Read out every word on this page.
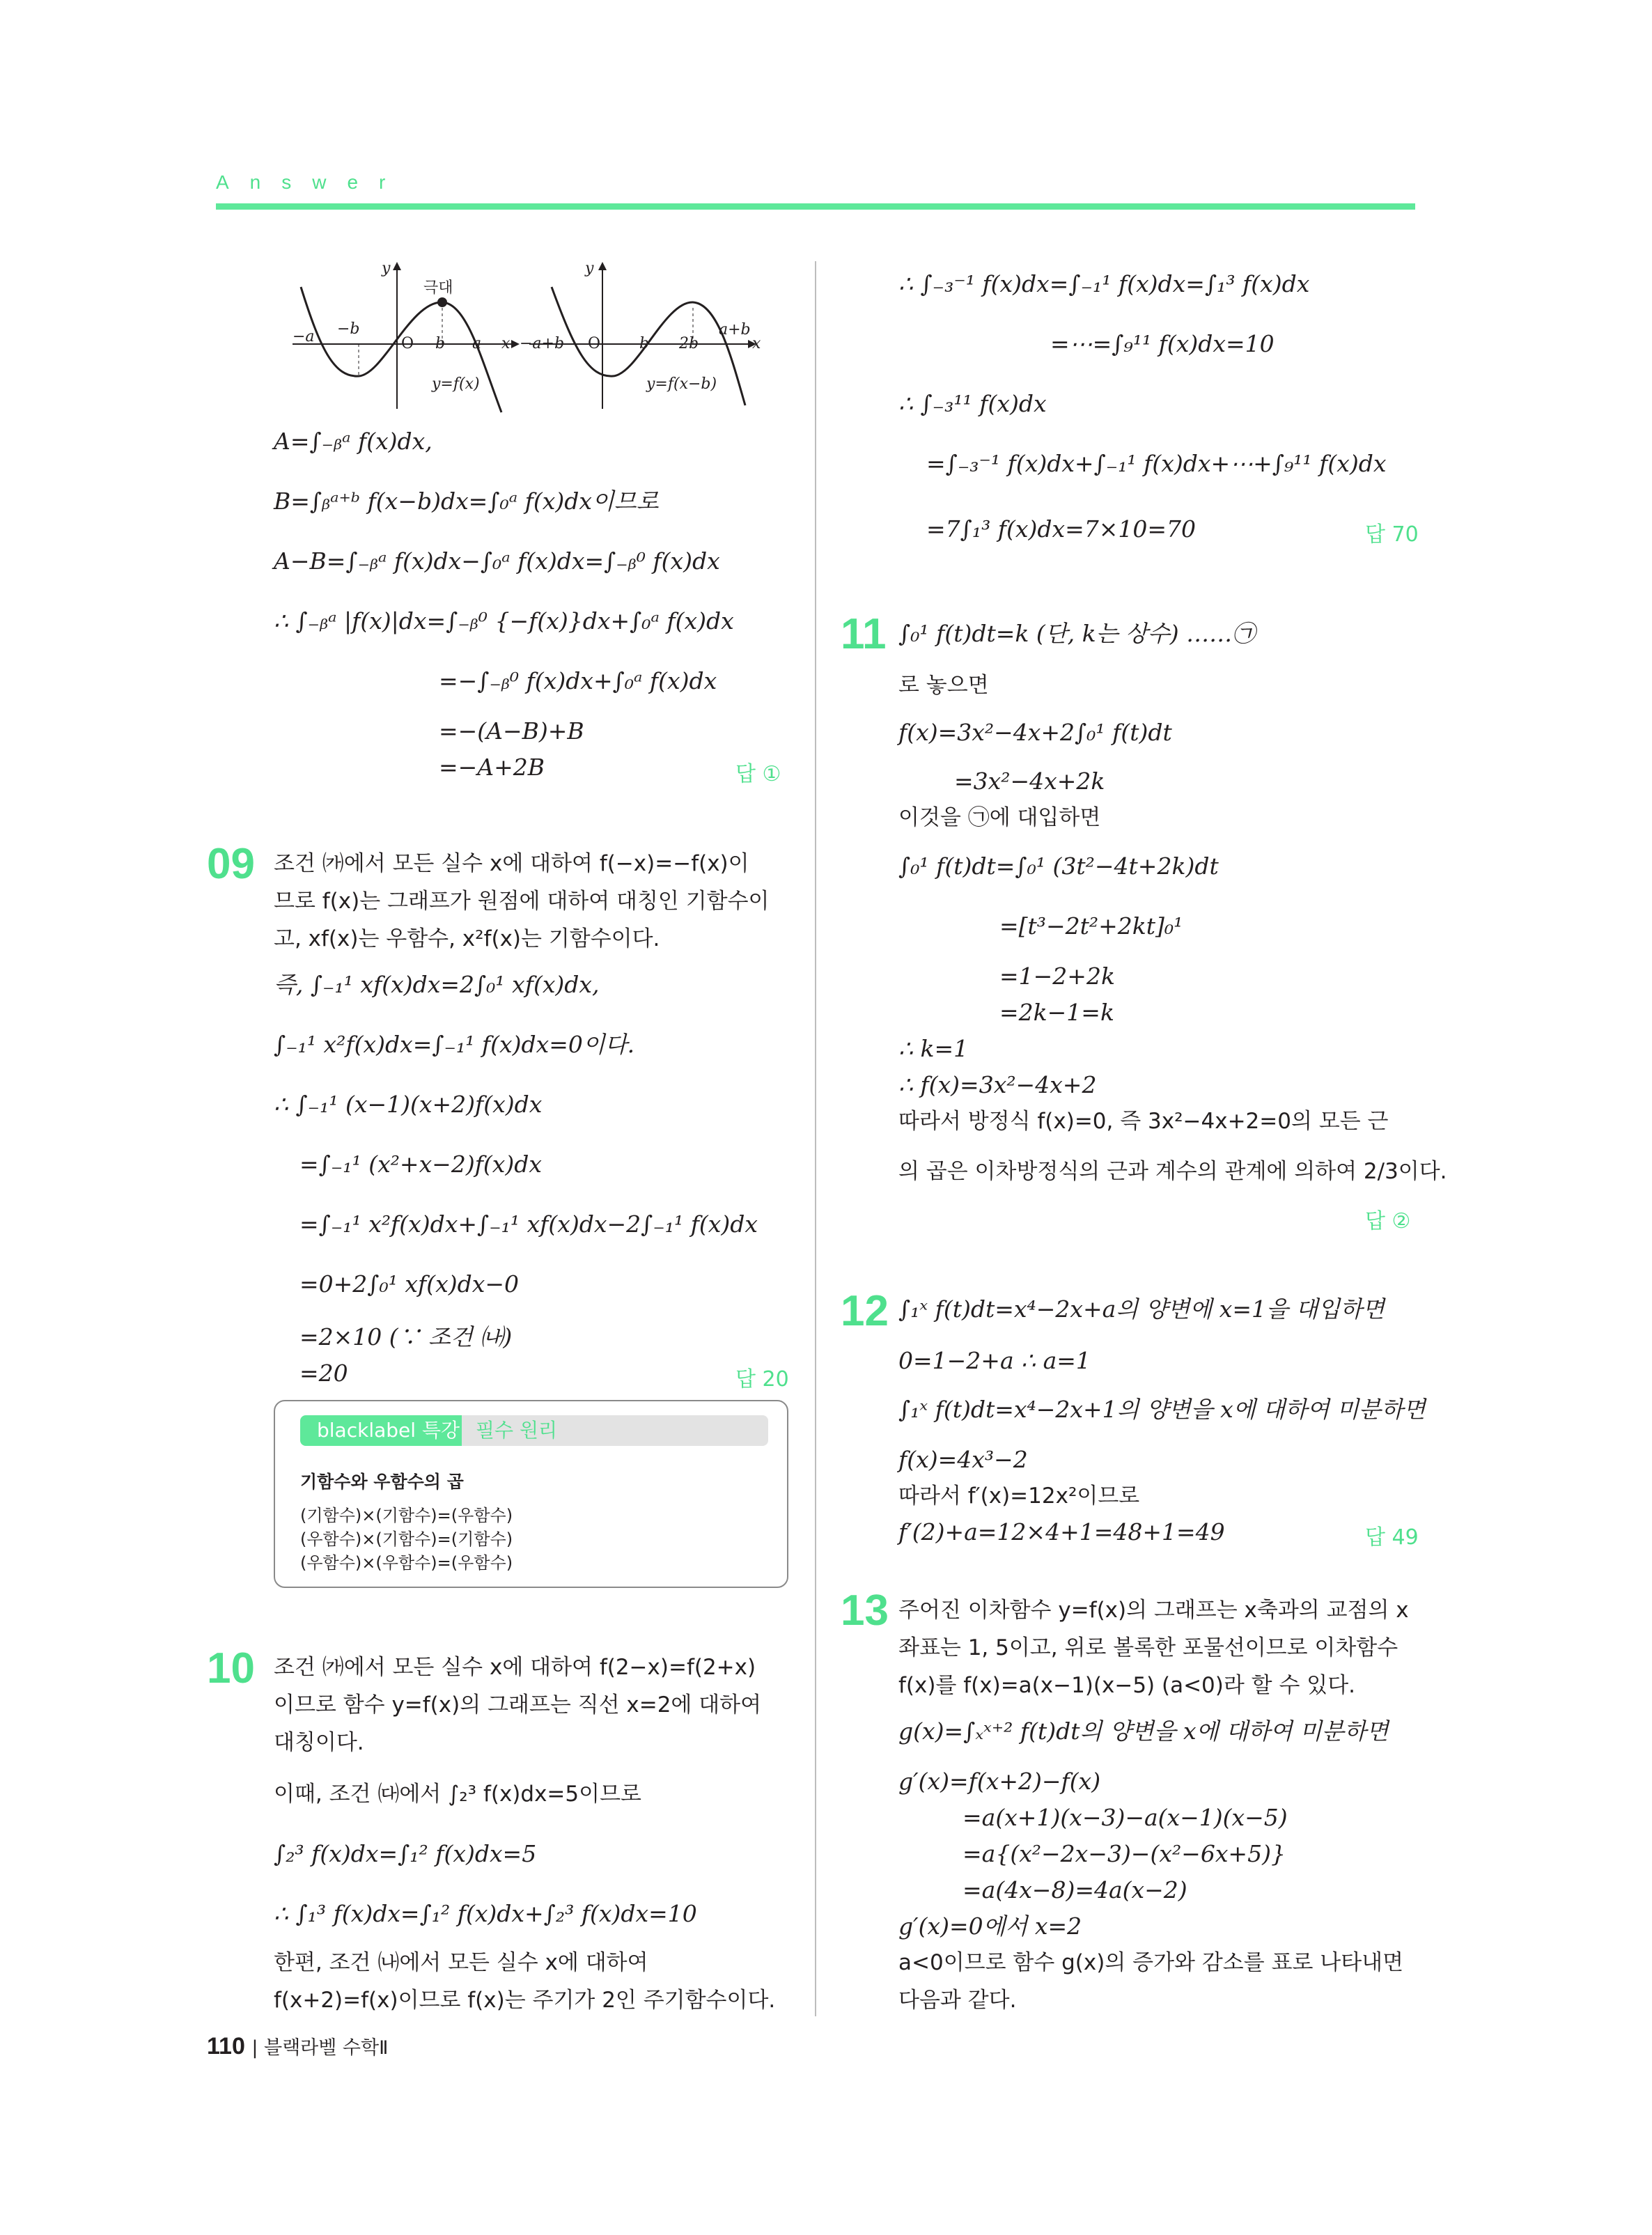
Answer
극대
−a −b
O b a x
y
y=f(x)
−a+b O	b 2b
a+b
x
y
y=f(x−b)
A=∫₋ᵦᵃ f(x)dx,
B=∫ᵦᵃ⁺ᵇ f(x−b)dx=∫₀ᵃ f(x)dx이므로
A−B=∫₋ᵦᵃ f(x)dx−∫₀ᵃ f(x)dx=∫₋ᵦ⁰ f(x)dx
∴ ∫₋ᵦᵃ |f(x)|dx=∫₋ᵦ⁰ {−f(x)}dx+∫₀ᵃ f(x)dx
=−∫₋ᵦ⁰ f(x)dx+∫₀ᵃ f(x)dx
=−(A−B)+B
=−A+2B	답 ①
09 조건 ㈎에서 모든 실수 x에 대하여 f(−x)=−f(x)이
므로 f(x)는 그래프가 원점에 대하여 대칭인 기함수이
고, xf(x)는 우함수, x²f(x)는 기함수이다.
즉, ∫₋₁¹ xf(x)dx=2∫₀¹ xf(x)dx,
∫₋₁¹ x²f(x)dx=∫₋₁¹ f(x)dx=0이다.
∴ ∫₋₁¹ (x−1)(x+2)f(x)dx
=∫₋₁¹ (x²+x−2)f(x)dx
=∫₋₁¹ x²f(x)dx+∫₋₁¹ xf(x)dx−2∫₋₁¹ f(x)dx
=0+2∫₀¹ xf(x)dx−0
=2×10 (∵ 조건 ㈏)
=20	답 20
blacklabel 특강 필수 원리
기함수와 우함수의 곱
(기함수)×(기함수)=(우함수)
(우함수)×(기함수)=(기함수)
(우함수)×(우함수)=(우함수)
10 조건 ㈎에서 모든 실수 x에 대하여 f(2−x)=f(2+x)
이므로 함수 y=f(x)의 그래프는 직선 x=2에 대하여
대칭이다.
이때, 조건 ㈐에서 ∫₂³ f(x)dx=5이므로
∫₂³ f(x)dx=∫₁² f(x)dx=5
∴ ∫₁³ f(x)dx=∫₁² f(x)dx+∫₂³ f(x)dx=10
한편, 조건 ㈏에서 모든 실수 x에 대하여
f(x+2)=f(x)이므로 f(x)는 주기가 2인 주기함수이다.
∴ ∫₋₃⁻¹ f(x)dx=∫₋₁¹ f(x)dx=∫₁³ f(x)dx
=⋯=∫₉¹¹ f(x)dx=10
∴ ∫₋₃¹¹ f(x)dx
=∫₋₃⁻¹ f(x)dx+∫₋₁¹ f(x)dx+⋯+∫₉¹¹ f(x)dx
=7∫₁³ f(x)dx=7×10=70	답 70
11 ∫₀¹ f(t)dt=k (단, k는 상수) ……㉠
로 놓으면
f(x)=3x²−4x+2∫₀¹ f(t)dt
=3x²−4x+2k
이것을 ㉠에 대입하면
∫₀¹ f(t)dt=∫₀¹ (3t²−4t+2k)dt
=[t³−2t²+2kt]₀¹
=1−2+2k
=2k−1=k
∴ k=1
∴ f(x)=3x²−4x+2
따라서 방정식 f(x)=0, 즉 3x²−4x+2=0의 모든 근
의 곱은 이차방정식의 근과 계수의 관계에 의하여 2/3이다.
답 ②
12 ∫₁ˣ f(t)dt=x⁴−2x+a의 양변에 x=1을 대입하면
0=1−2+a ∴ a=1
∫₁ˣ f(t)dt=x⁴−2x+1의 양변을 x에 대하여 미분하면
f(x)=4x³−2
따라서 f′(x)=12x²이므로
f′(2)+a=12×4+1=48+1=49	답 49
13 주어진 이차함수 y=f(x)의 그래프는 x축과의 교점의 x
좌표는 1, 5이고, 위로 볼록한 포물선이므로 이차함수
f(x)를 f(x)=a(x−1)(x−5) (a<0)라 할 수 있다.
g(x)=∫ₓˣ⁺² f(t)dt의 양변을 x에 대하여 미분하면
g′(x)=f(x+2)−f(x)
=a(x+1)(x−3)−a(x−1)(x−5)
=a{(x²−2x−3)−(x²−6x+5)}
=a(4x−8)=4a(x−2)
g′(x)=0에서 x=2
a<0이므로 함수 g(x)의 증가와 감소를 표로 나타내면
다음과 같다.
110 | 블랙라벨 수학Ⅱ
